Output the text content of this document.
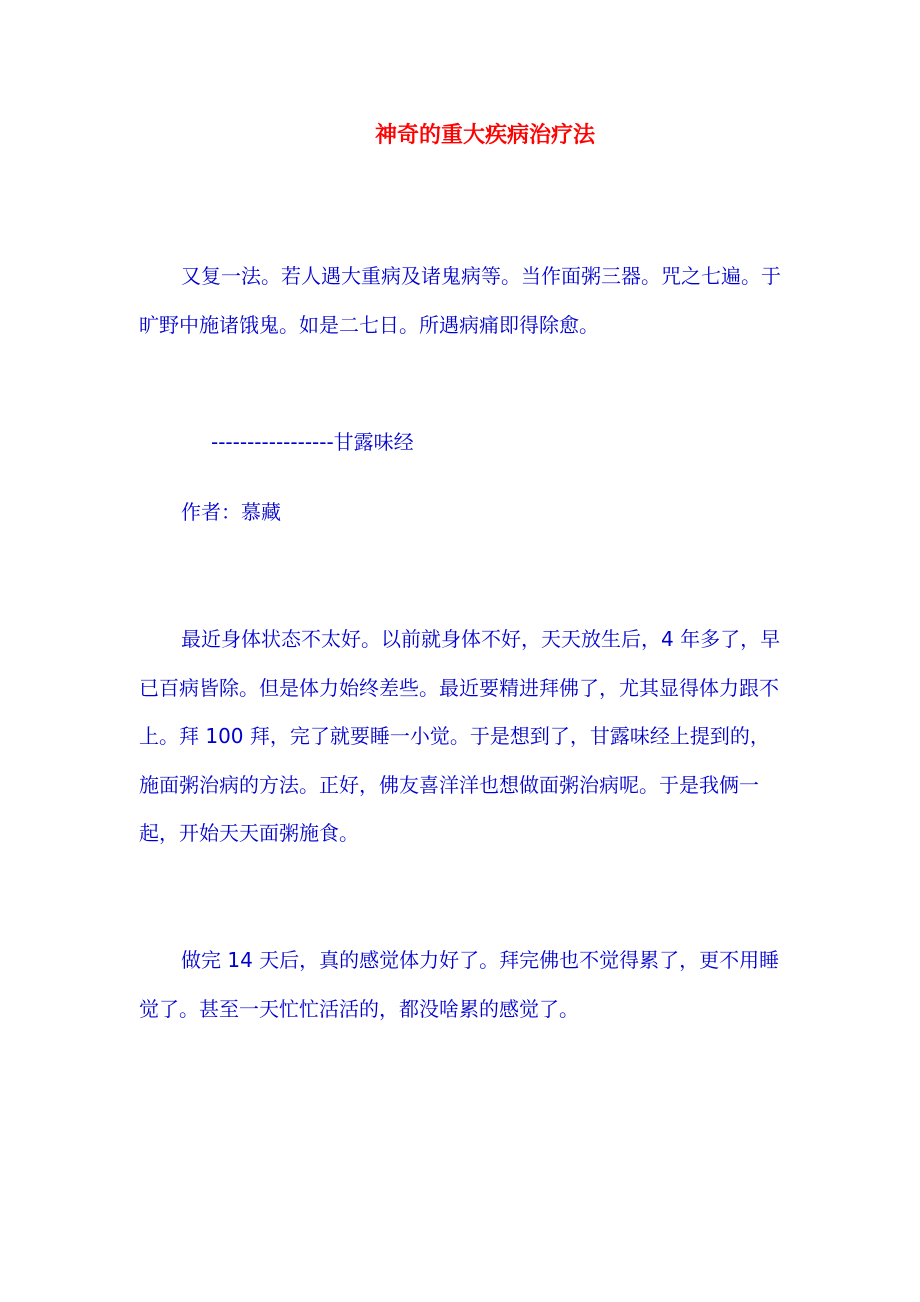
神奇的重大疾病治疗法

又复一法。若人遇大重病及诸鬼病等。当作面粥三器。咒之七遍。于旷野中施诸饿鬼。如是二七日。所遇病痛即得除愈。

-----------------甘露味经
作者：慕藏

最近身体状态不太好。以前就身体不好，天天放生后，4 年多了，早已百病皆除。但是体力始终差些。最近要精进拜佛了，尤其显得体力跟不上。拜 100 拜，完了就要睡一小觉。于是想到了，甘露味经上提到的，施面粥治病的方法。正好，佛友喜洋洋也想做面粥治病呢。于是我俩一起，开始天天面粥施食。

做完 14 天后，真的感觉体力好了。拜完佛也不觉得累了，更不用睡觉了。甚至一天忙忙活活的，都没啥累的感觉了。
